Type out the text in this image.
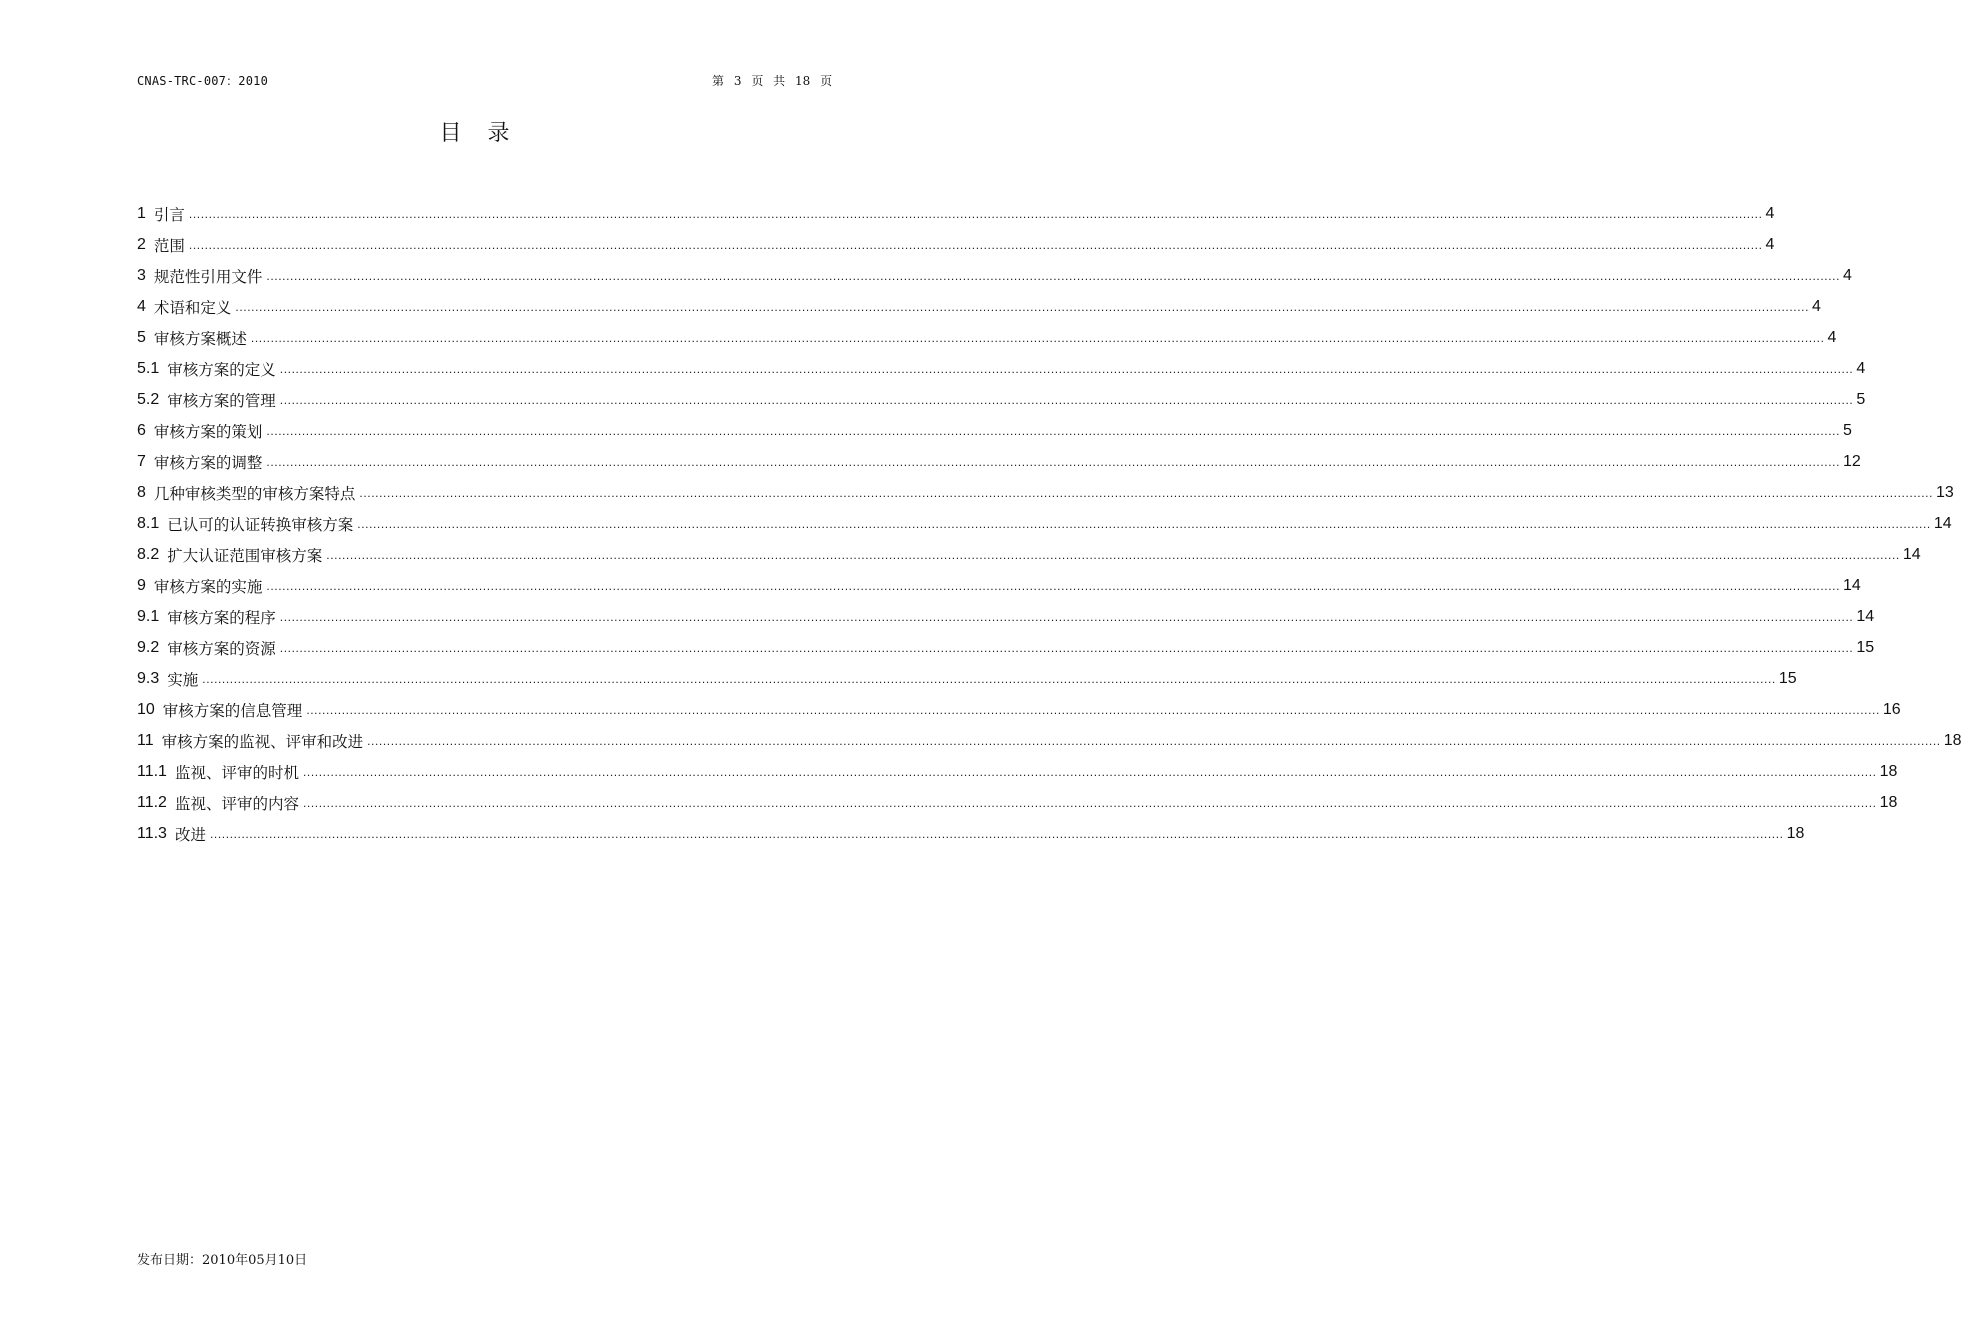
CNAS-TRC-007：2010	第 3 页 共 18 页
目录
1 引言 ................................................................................................................................................................................................................................................................................................................................................................................................................ 4
2 范围 ................................................................................................................................................................................................................................................................................................................................................................................................................ 4
3 规范性引用文件 ................................................................................................................................................................................................................................................................................................................................................................................................................ 4
4 术语和定义 ................................................................................................................................................................................................................................................................................................................................................................................................................ 4
5 审核方案概述 ................................................................................................................................................................................................................................................................................................................................................................................................................ 4
5.1 审核方案的定义 ................................................................................................................................................................................................................................................................................................................................................................................................................ 4
5.2 审核方案的管理 ................................................................................................................................................................................................................................................................................................................................................................................................................ 5
6 审核方案的策划 ................................................................................................................................................................................................................................................................................................................................................................................................................ 5
7 审核方案的调整 ................................................................................................................................................................................................................................................................................................................................................................................................................ 12
8 几种审核类型的审核方案特点 ................................................................................................................................................................................................................................................................................................................................................................................................................ 13
8.1 已认可的认证转换审核方案 ................................................................................................................................................................................................................................................................................................................................................................................................................ 14
8.2 扩大认证范围审核方案 ................................................................................................................................................................................................................................................................................................................................................................................................................ 14
9 审核方案的实施 ................................................................................................................................................................................................................................................................................................................................................................................................................ 14
9.1 审核方案的程序 ................................................................................................................................................................................................................................................................................................................................................................................................................ 14
9.2 审核方案的资源 ................................................................................................................................................................................................................................................................................................................................................................................................................ 15
9.3 实施 ................................................................................................................................................................................................................................................................................................................................................................................................................ 15
10 审核方案的信息管理 ................................................................................................................................................................................................................................................................................................................................................................................................................ 16
11 审核方案的监视、评审和改进 ................................................................................................................................................................................................................................................................................................................................................................................................................ 18
11.1 监视、评审的时机 ................................................................................................................................................................................................................................................................................................................................................................................................................ 18
11.2 监视、评审的内容 ................................................................................................................................................................................................................................................................................................................................................................................................................ 18
11.3 改进 ................................................................................................................................................................................................................................................................................................................................................................................................................ 18
发布日期：2010年05月10日
